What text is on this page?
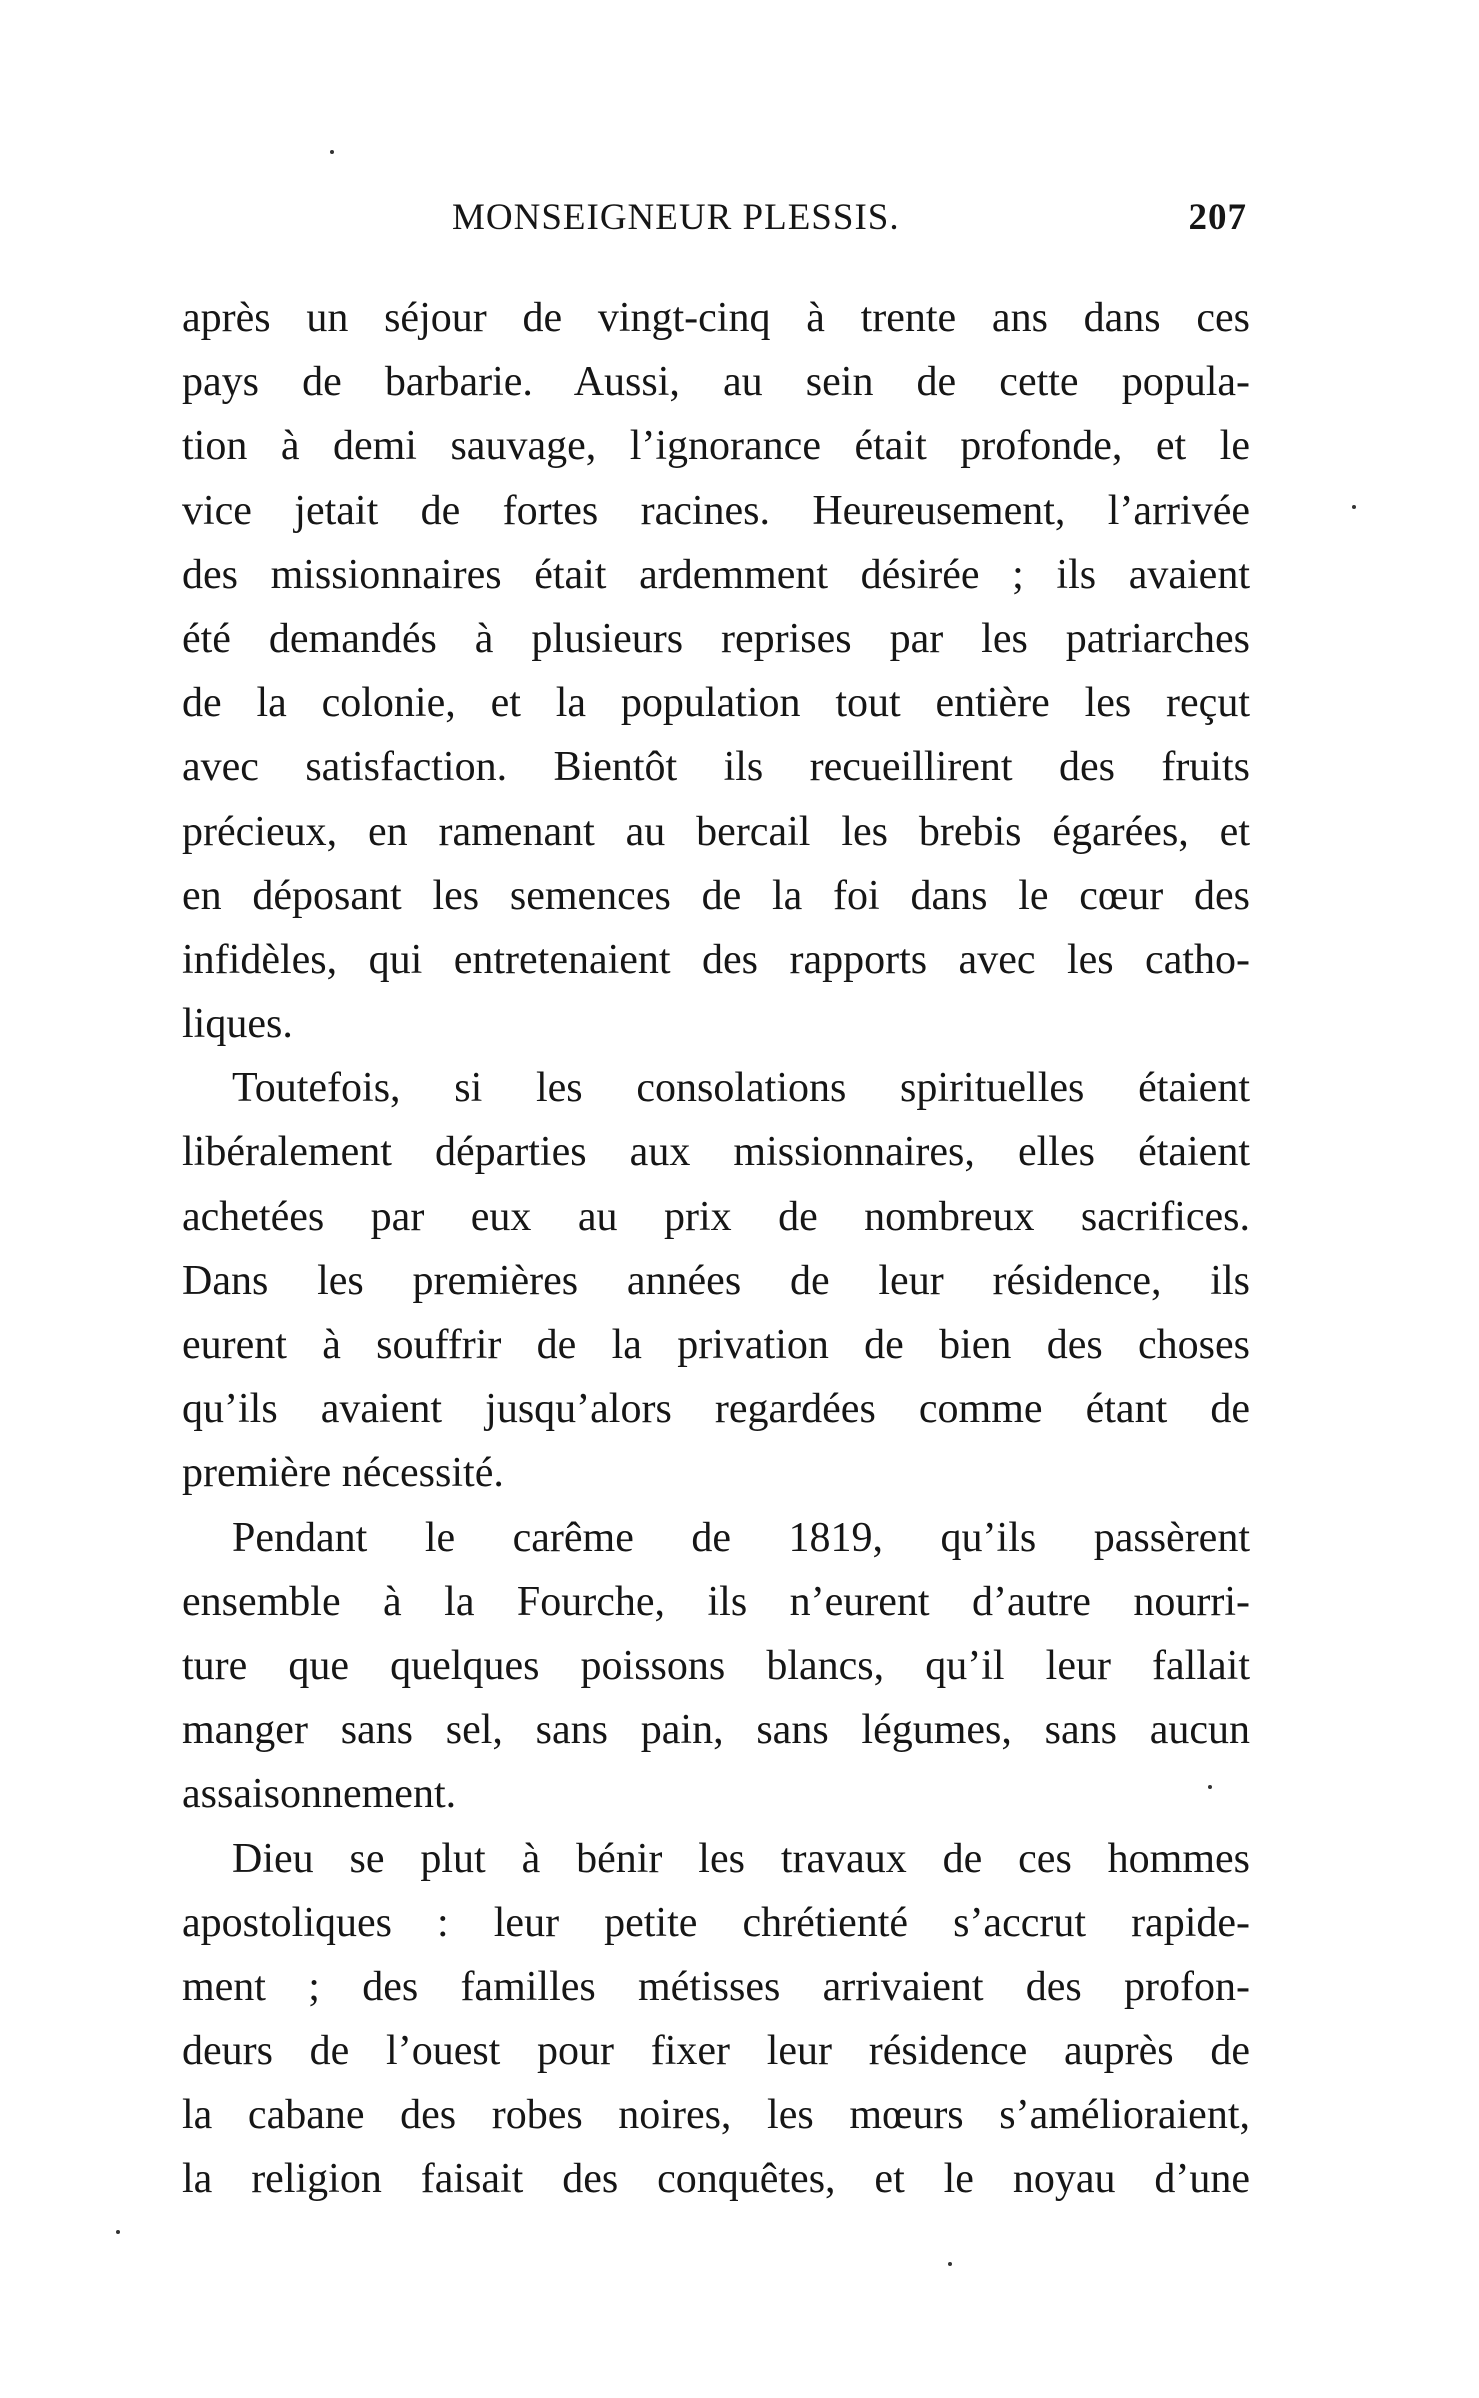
MONSEIGNEUR PLESSIS.	207
après un séjour de vingt-cinq à trente ans dans ces
pays de barbarie. Aussi, au sein de cette popula-
tion à demi sauvage, l’ignorance était profonde, et le
vice jetait de fortes racines. Heureusement, l’arrivée
des missionnaires était ardemment désirée ; ils avaient
été demandés à plusieurs reprises par les patriarches
de la colonie, et la population tout entière les reçut
avec satisfaction. Bientôt ils recueillirent des fruits
précieux, en ramenant au bercail les brebis égarées, et
en déposant les semences de la foi dans le cœur des
infidèles, qui entretenaient des rapports avec les catho-
liques.
Toutefois, si les consolations spirituelles étaient
libéralement départies aux missionnaires, elles étaient
achetées par eux au prix de nombreux sacrifices.
Dans les premières années de leur résidence, ils
eurent à souffrir de la privation de bien des choses
qu’ils avaient jusqu’alors regardées comme étant de
première nécessité.
Pendant le carême de 1819, qu’ils passèrent
ensemble à la Fourche, ils n’eurent d’autre nourri-
ture que quelques poissons blancs, qu’il leur fallait
manger sans sel, sans pain, sans légumes, sans aucun
assaisonnement.
Dieu se plut à bénir les travaux de ces hommes
apostoliques : leur petite chrétienté s’accrut rapide-
ment ; des familles métisses arrivaient des profon-
deurs de l’ouest pour fixer leur résidence auprès de
la cabane des robes noires, les mœurs s’amélioraient,
la religion faisait des conquêtes, et le noyau d’une
